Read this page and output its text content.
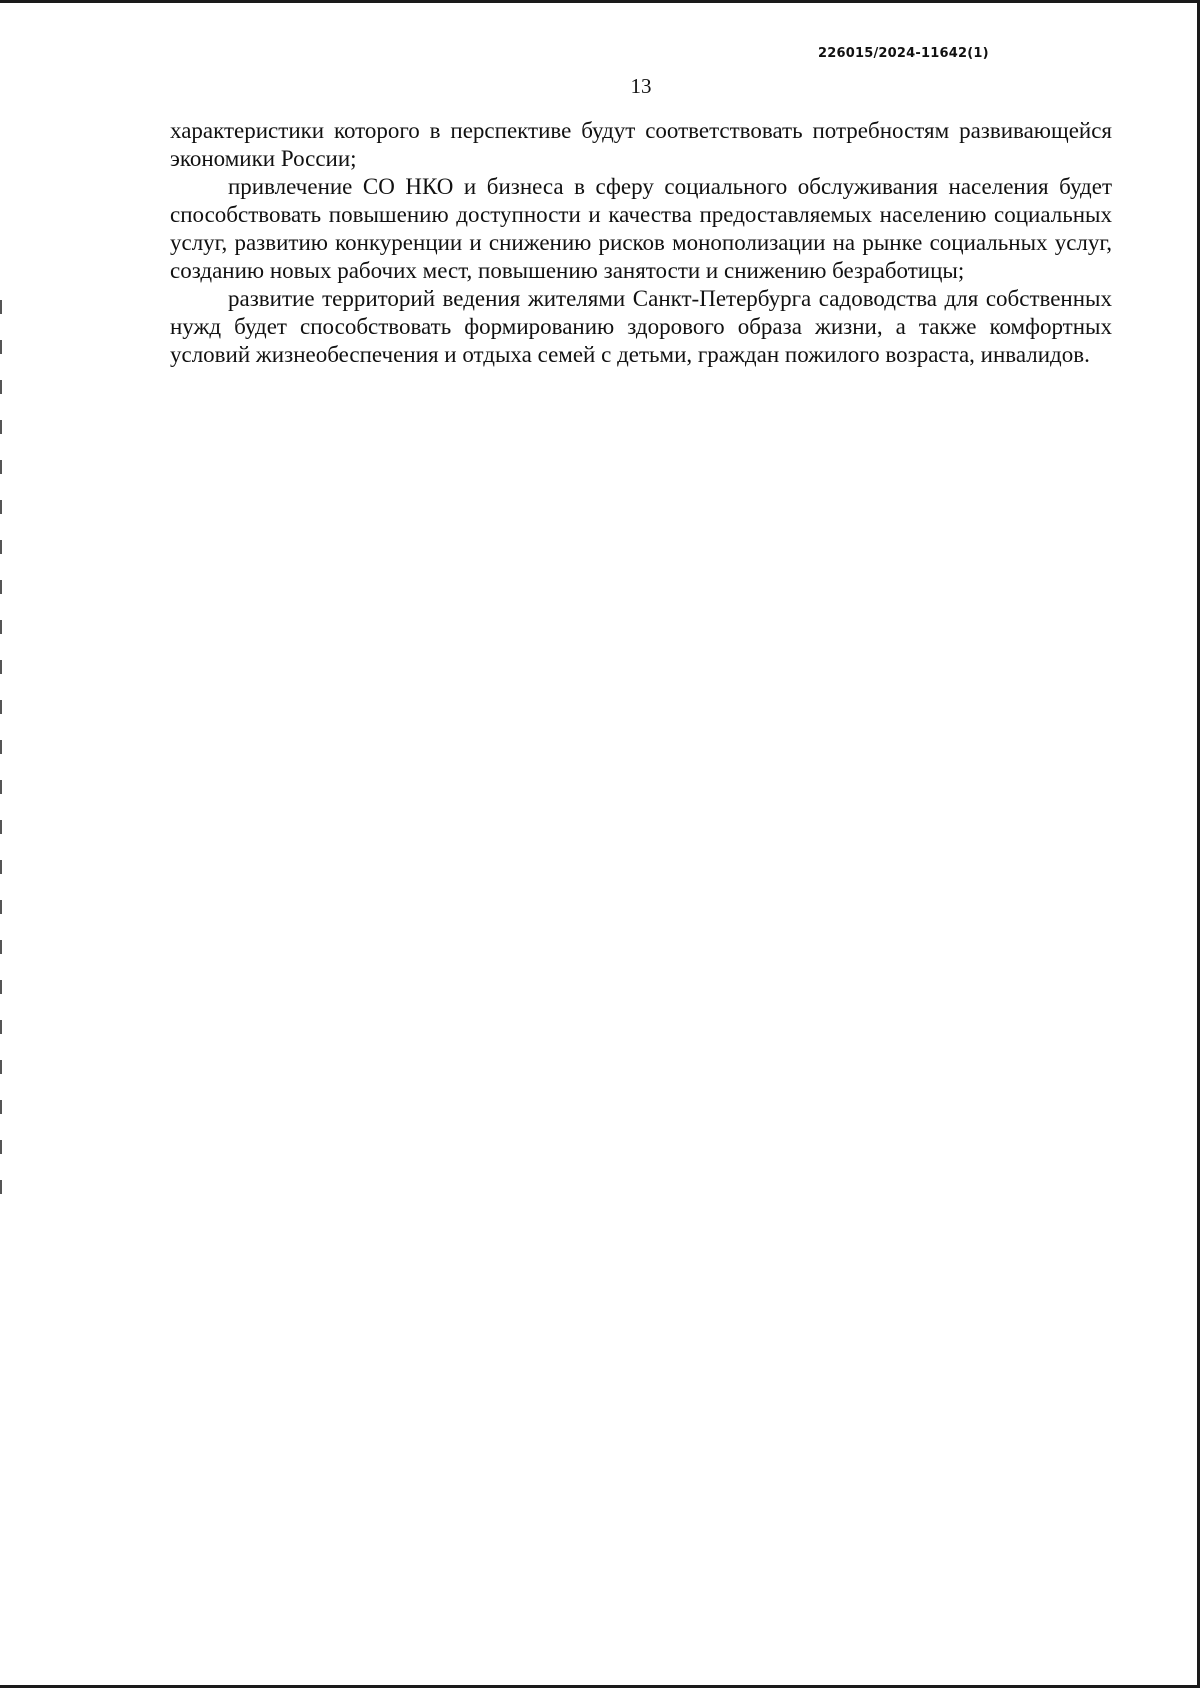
226015/2024-11642(1)
13

характеристики которого в перспективе будут соответствовать потребностям развивающейся экономики России;

привлечение СО НКО и бизнеса в сферу социального обслуживания населения будет способствовать повышению доступности и качества предоставляемых населению социальных услуг, развитию конкуренции и снижению рисков монополизации на рынке социальных услуг, созданию новых рабочих мест, повышению занятости и снижению безработицы;

развитие территорий ведения жителями Санкт-Петербурга садоводства для собственных нужд будет способствовать формированию здорового образа жизни, а также комфортных условий жизнеобеспечения и отдыха семей с детьми, граждан пожилого возраста, инвалидов.
